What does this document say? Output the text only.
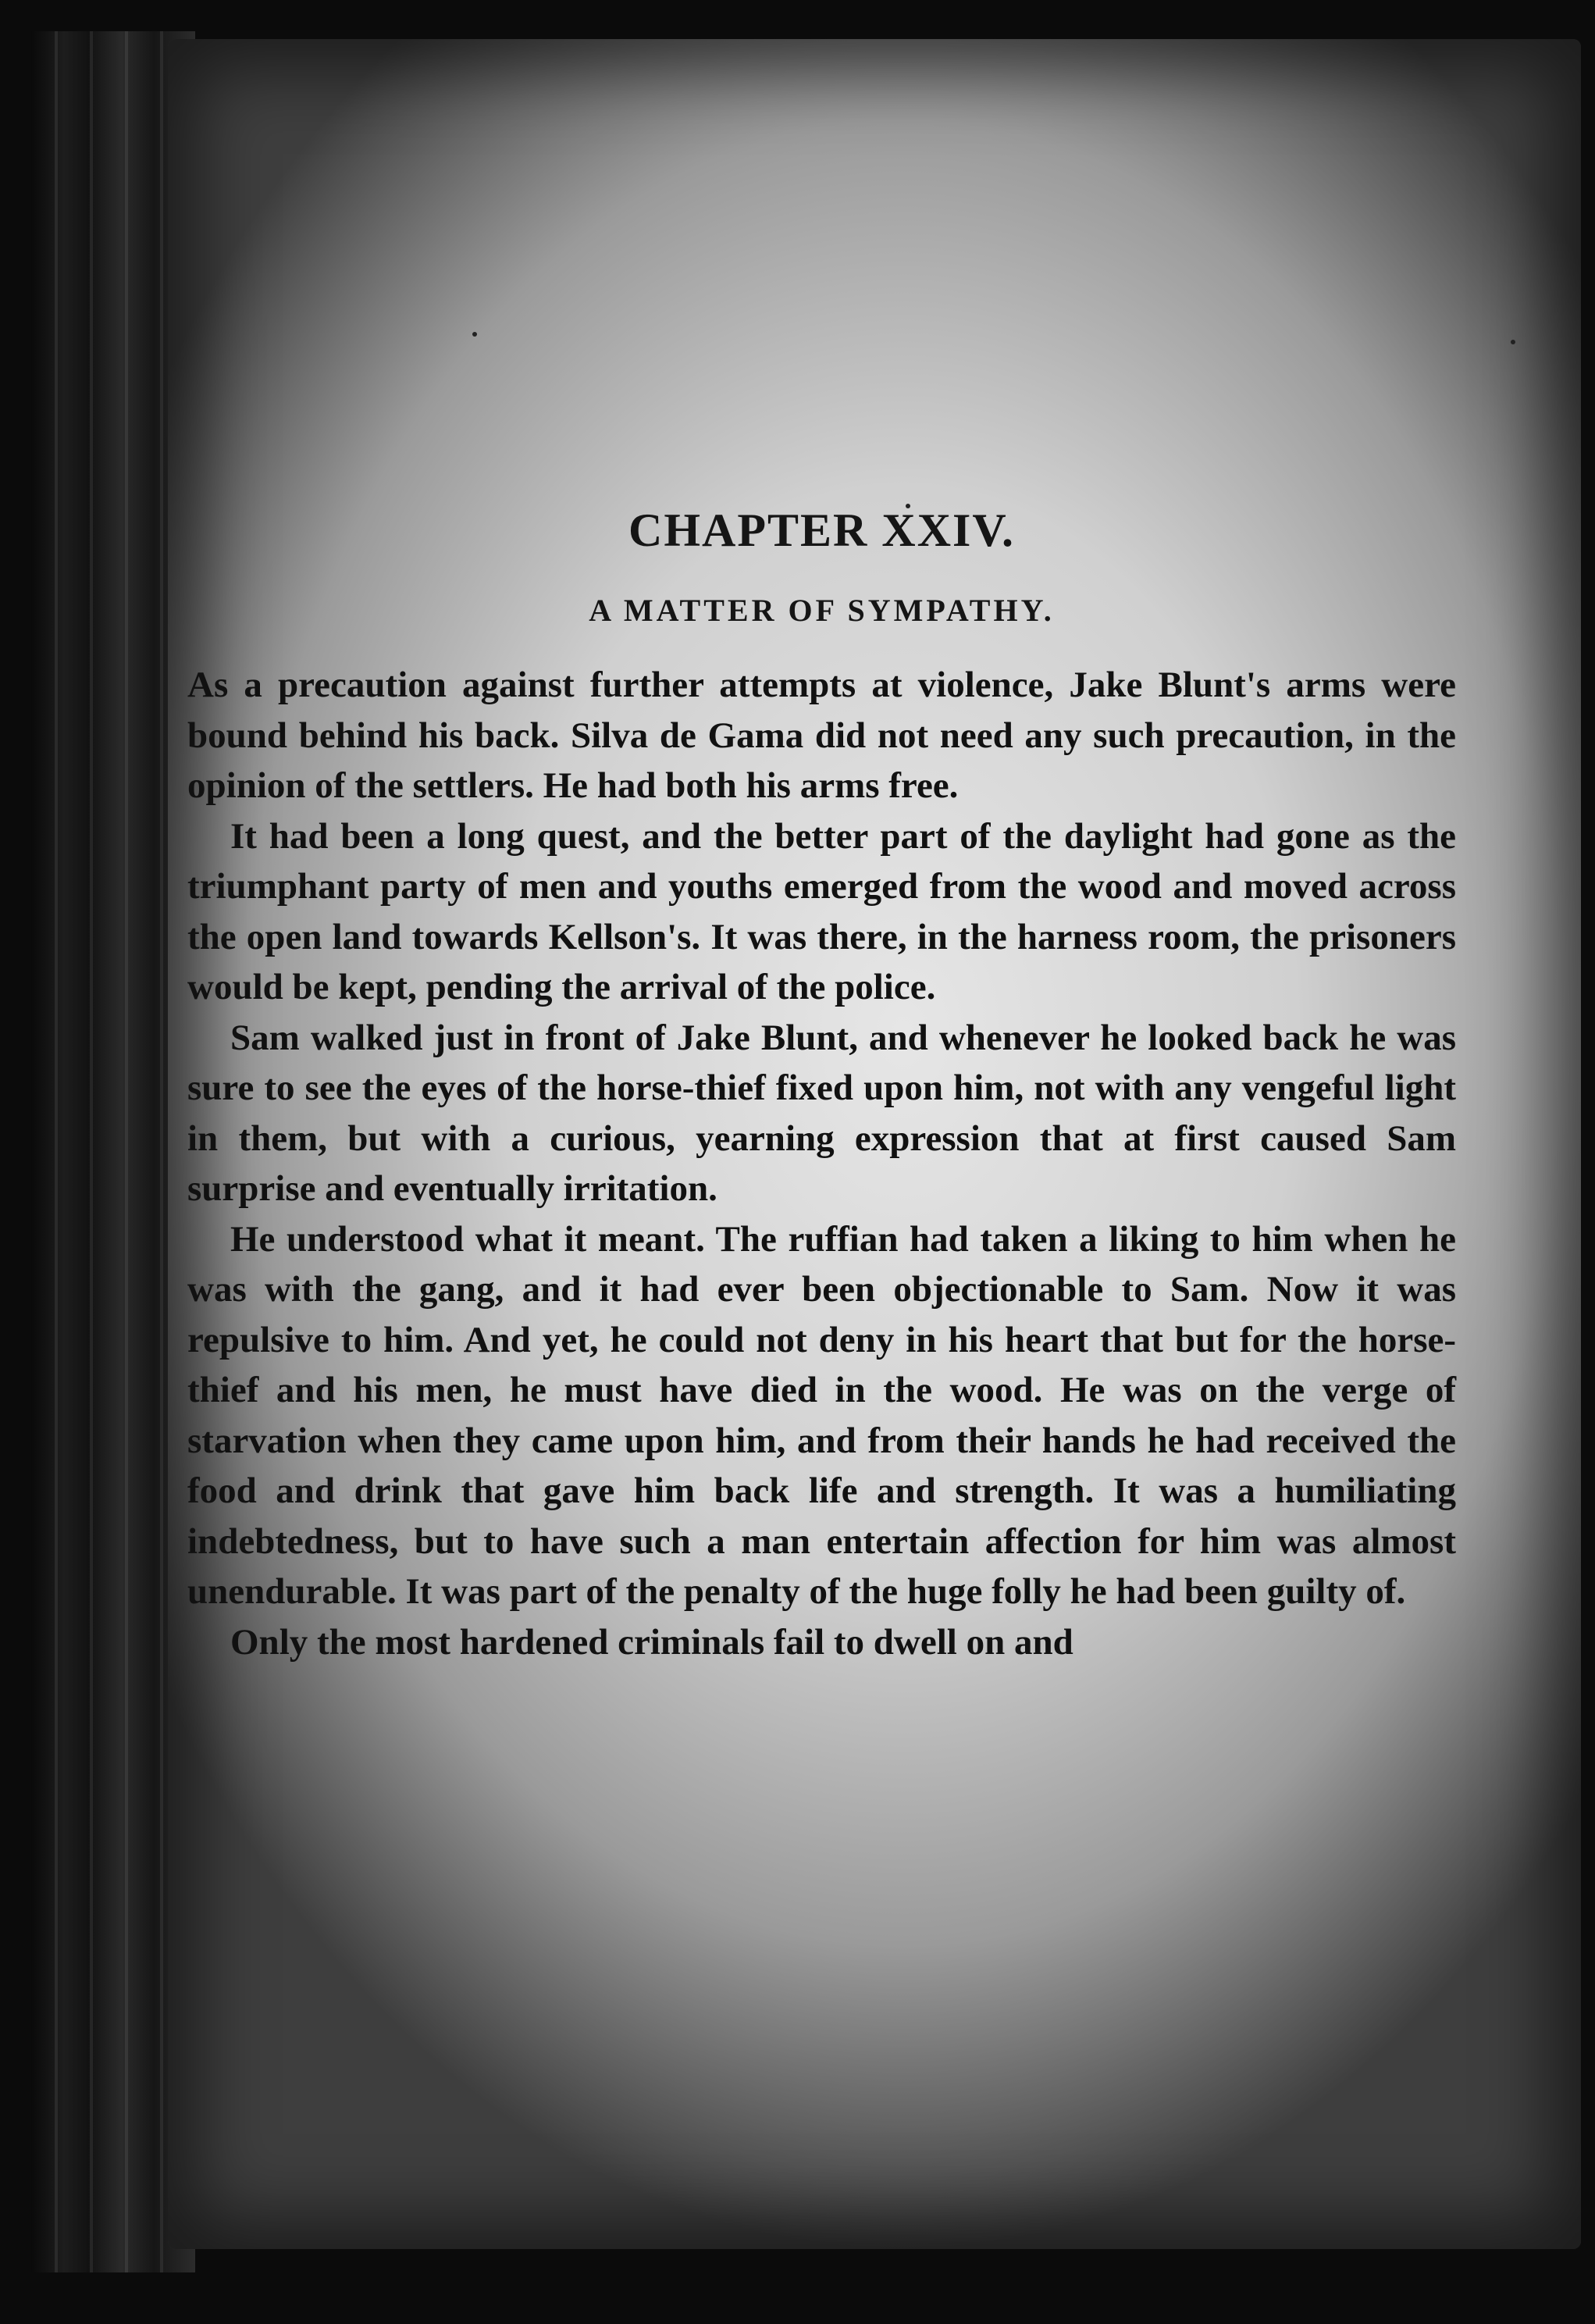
CHAPTER XXIV.
A MATTER OF SYMPATHY.

As a precaution against further attempts at violence, Jake Blunt's arms were bound behind his back. Silva de Gama did not need any such precaution, in the opinion of the settlers. He had both his arms free.

It had been a long quest, and the better part of the daylight had gone as the triumphant party of men and youths emerged from the wood and moved across the open land towards Kellson's. It was there, in the harness room, the prisoners would be kept, pending the arrival of the police.

Sam walked just in front of Jake Blunt, and whenever he looked back he was sure to see the eyes of the horse-thief fixed upon him, not with any vengeful light in them, but with a curious, yearning expression that at first caused Sam surprise and eventually irritation.

He understood what it meant. The ruffian had taken a liking to him when he was with the gang, and it had ever been objectionable to Sam. Now it was repulsive to him. And yet, he could not deny in his heart that but for the horse-thief and his men, he must have died in the wood. He was on the verge of starvation when they came upon him, and from their hands he had received the food and drink that gave him back life and strength. It was a humiliating indebtedness, but to have such a man entertain affection for him was almost unendurable. It was part of the penalty of the huge folly he had been guilty of.

Only the most hardened criminals fail to dwell on and
